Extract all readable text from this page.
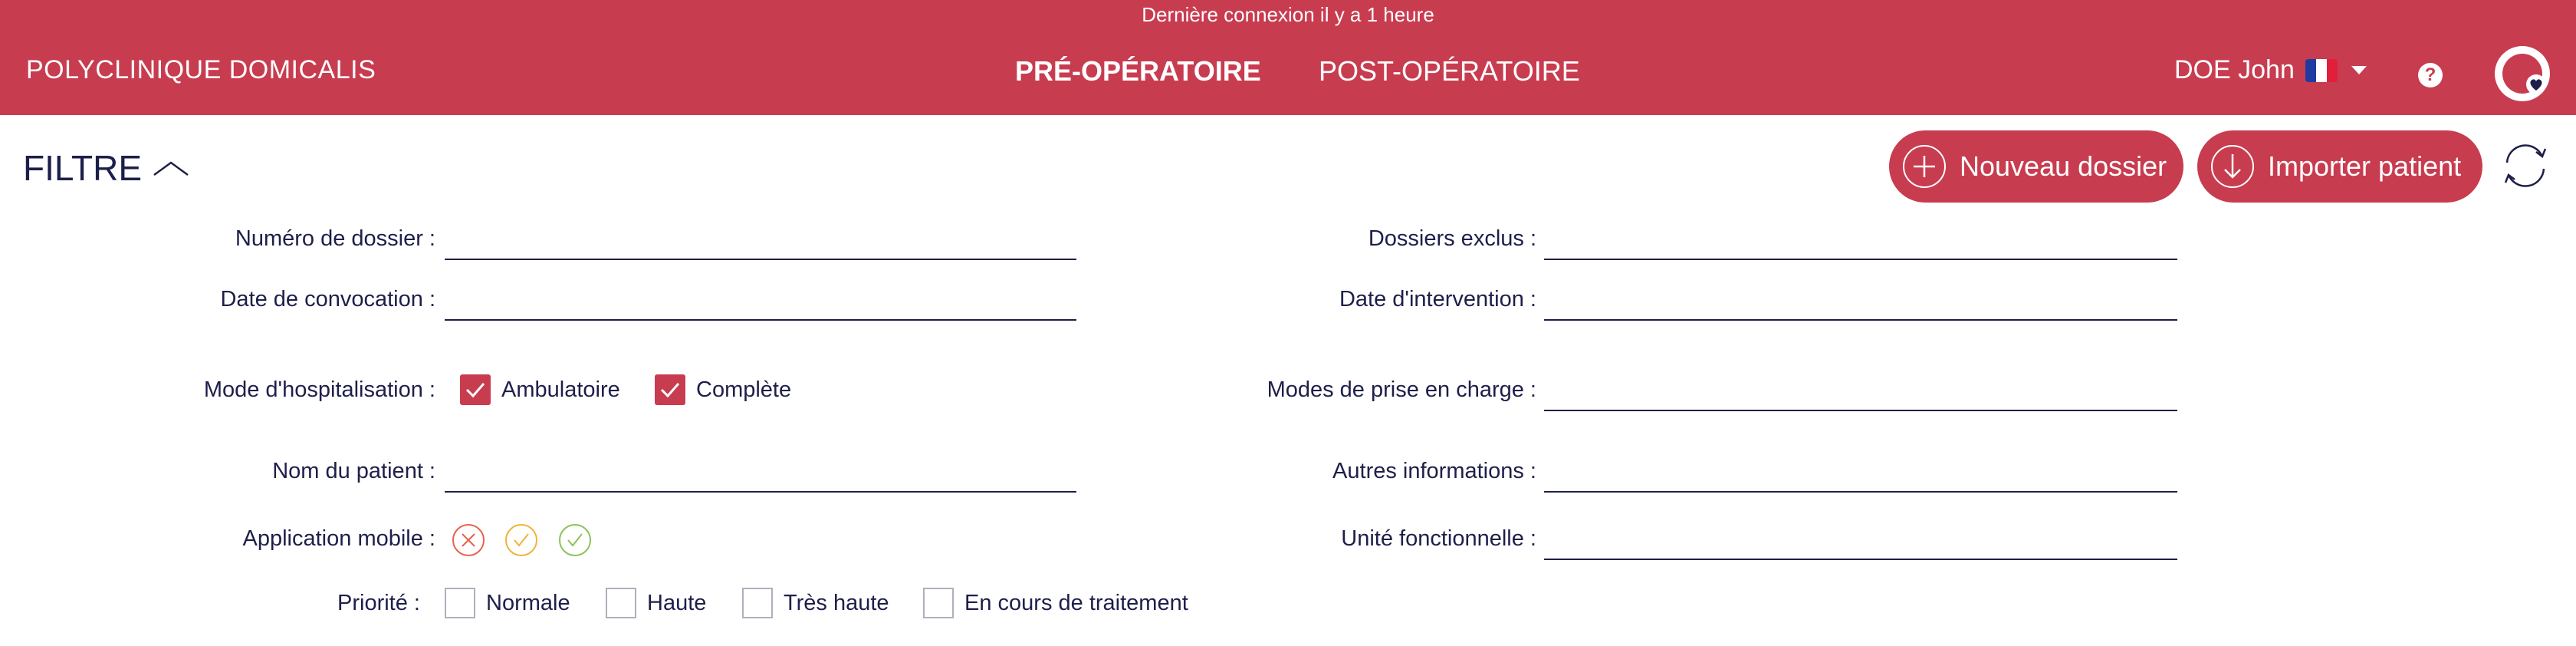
Dernière connexion il y a 1 heure
POLYCLINIQUE DOMICALIS	PRÉ-OPÉRATOIRE POST-OPÉRATOIRE	DOE John	?
FILTRE	Nouveau dossier	Importer patient
Numéro de dossier :	Dossiers exclus :
Date de convocation :	Date d'intervention :
Mode d'hospitalisation :	Ambulatoire	Complète	Modes de prise en charge :
Nom du patient :	Autres informations :
Application mobile :	Unité fonctionnelle :
Priorité :	Normale	Haute	Très haute	En cours de traitement
